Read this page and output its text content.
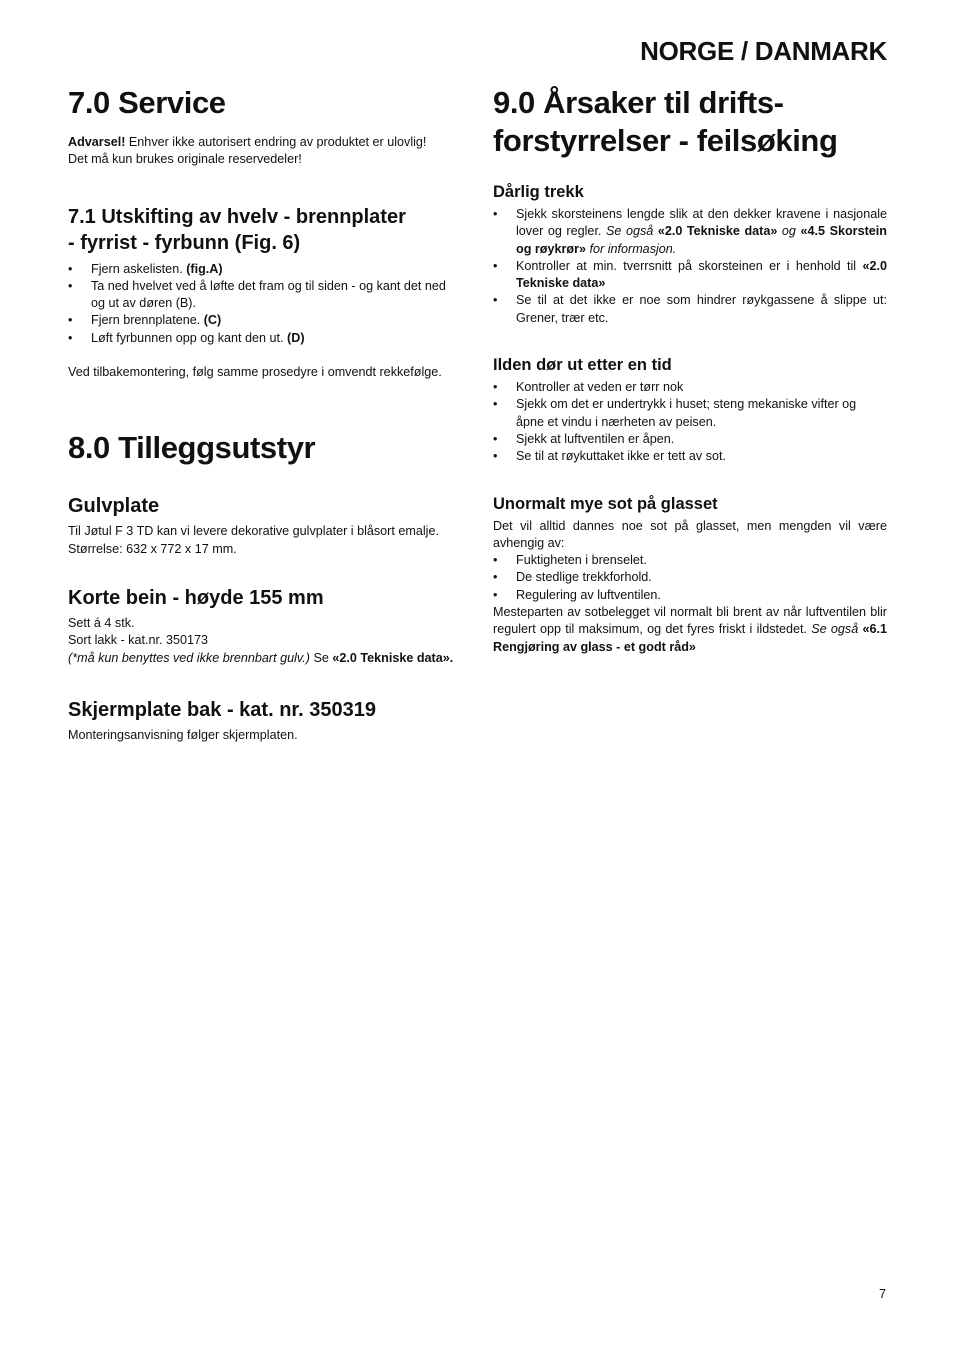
NORGE / DANMARK
7.0 Service

Advarsel! Enhver ikke autorisert endring av produktet er ulovlig!

Det må kun brukes originale reservedeler!

7.1 Utskifting av hvelv - brennplater
- fyrrist - fyrbunn (Fig. 6)
•	Fjern askelisten. (fig.A)
•	Ta ned hvelvet ved å løfte det fram og til siden - og kant det ned og ut av døren (B).
•	Fjern brennplatene. (C)
•	Løft fyrbunnen opp og kant den ut. (D)

Ved tilbakemontering, følg samme prosedyre i omvendt rekkefølge.

8.0 Tilleggsutstyr
Gulvplate

Til Jøtul F 3 TD kan vi levere dekorative gulvplater i blåsort emalje.

Størrelse: 632 x 772 x 17 mm.

Korte bein - høyde 155 mm

Sett á 4 stk.

Sort lakk - kat.nr. 350173

(*må kun benyttes ved ikke brennbart gulv.) Se «2.0 Tekniske data».

Skjermplate bak - kat. nr. 350319

Monteringsanvisning følger skjermplaten.

9.0 Årsaker til drifts-
forstyrrelser - feilsøking
Dårlig trekk
•	Sjekk skorsteinens lengde slik at den dekker kravene i nasjonale lover og regler. Se også «2.0 Tekniske data» og «4.5 Skorstein og røykrør» for informasjon.
•	Kontroller at min. tverrsnitt på skorsteinen er i henhold til «2.0 Tekniske data»
•	Se til at det ikke er noe som hindrer røykgassene å slippe ut: Grener, trær etc.
Ilden dør ut etter en tid
•	Kontroller at veden er tørr nok
•	Sjekk om det er undertrykk i huset; steng mekaniske vifter og åpne et vindu i nærheten av peisen.
•	Sjekk at luftventilen er åpen.
•	Se til at røykuttaket ikke er tett av sot.
Unormalt mye sot på glasset

Det vil alltid dannes noe sot på glasset, men mengden vil være avhengig av:

•	Fuktigheten i brenselet.
•	De stedlige trekkforhold.
•	Regulering av luftventilen.

Mesteparten av sotbelegget vil normalt bli brent av når luftventilen blir regulert opp til maksimum, og det fyres friskt i ildstedet. Se også «6.1 Rengjøring av glass - et godt råd»

7
